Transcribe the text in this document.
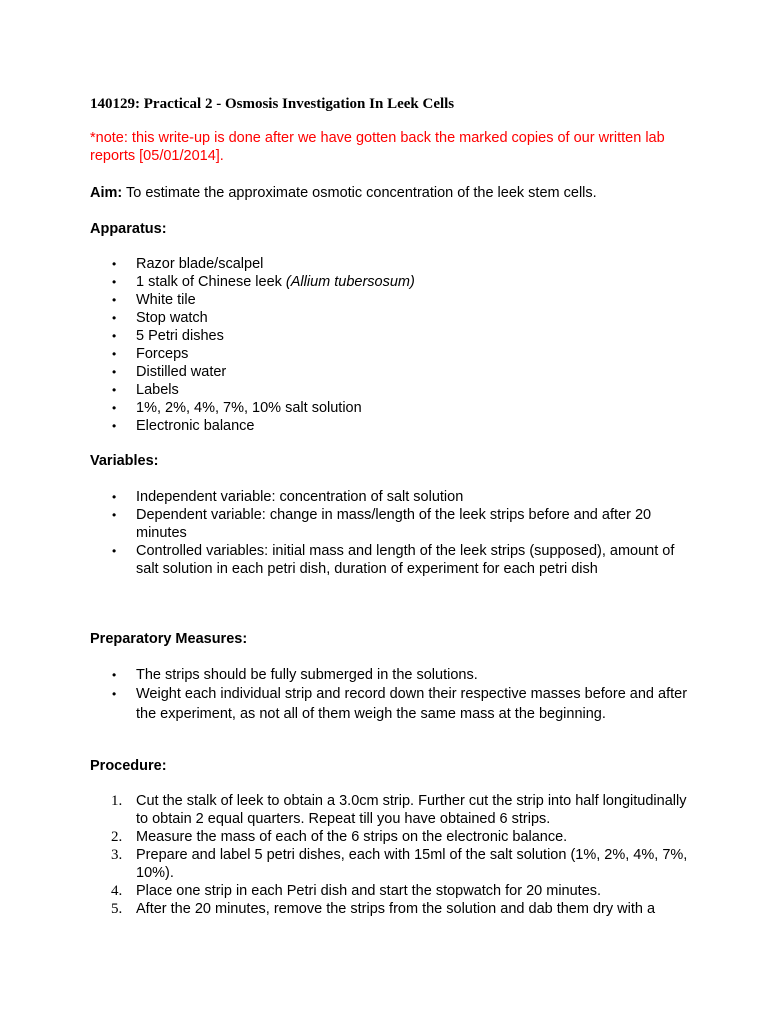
140129: Practical 2 - Osmosis Investigation In Leek Cells
*note: this write-up is done after we have gotten back the marked copies of our written lab reports [05/01/2014].
Aim: To estimate the approximate osmotic concentration of the leek stem cells.
Apparatus:
• Razor blade/scalpel
• 1 stalk of Chinese leek (Allium tubersosum)
• White tile
• Stop watch
• 5 Petri dishes
• Forceps
• Distilled water
• Labels
• 1%, 2%, 4%, 7%, 10% salt solution
• Electronic balance
Variables:
• Independent variable: concentration of salt solution
• Dependent variable: change in mass/length of the leek strips before and after 20 minutes
• Controlled variables: initial mass and length of the leek strips (supposed), amount of salt solution in each petri dish, duration of experiment for each petri dish
Preparatory Measures:
• The strips should be fully submerged in the solutions.
• Weight each individual strip and record down their respective masses before and after the experiment, as not all of them weigh the same mass at the beginning.
Procedure:
1. Cut the stalk of leek to obtain a 3.0cm strip. Further cut the strip into half longitudinally to obtain 2 equal quarters. Repeat till you have obtained 6 strips.
2. Measure the mass of each of the 6 strips on the electronic balance.
3. Prepare and label 5 petri dishes, each with 15ml of the salt solution (1%, 2%, 4%, 7%, 10%).
4. Place one strip in each Petri dish and start the stopwatch for 20 minutes.
5. After the 20 minutes, remove the strips from the solution and dab them dry with a
